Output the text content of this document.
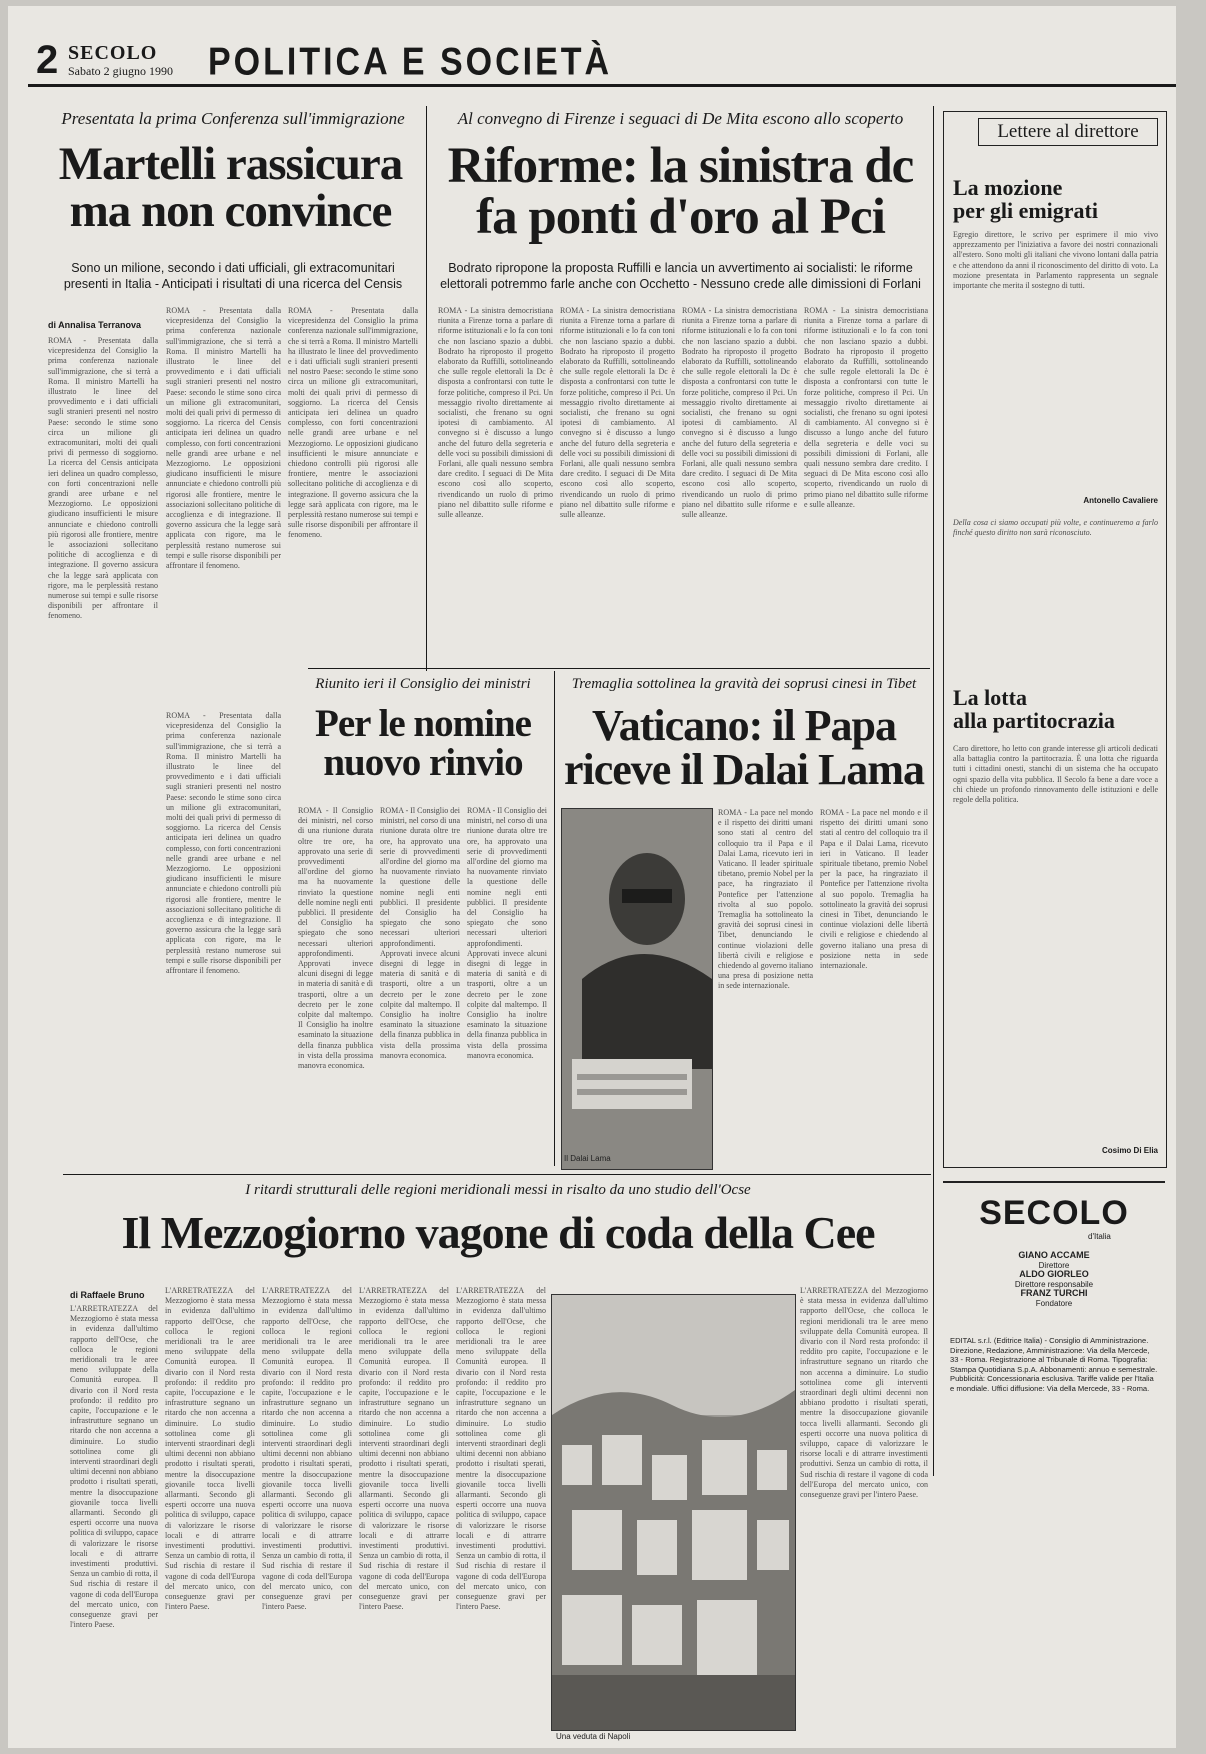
2 SECOLO
Sabato 2 giugno 1990 POLITICA E SOCIETÀ
Presentata la prima Conferenza sull'immigrazione
Martelli rassicura
ma non convince
Sono un milione, secondo i dati ufficiali, gli extracomunitari presenti in Italia - Anticipati i risultati di una ricerca del Censis
di Annalisa Terranova
ROMA - Presentata dalla vicepresidenza del Consiglio la prima conferenza nazionale sull'immigrazione, che si terrà a Roma. Il ministro Martelli ha illustrato le linee del provvedimento e i dati ufficiali sugli stranieri presenti nel nostro Paese: secondo le stime sono circa un milione gli extracomunitari, molti dei quali privi di permesso di soggiorno. La ricerca del Censis anticipata ieri delinea un quadro complesso, con forti concentrazioni nelle grandi aree urbane e nel Mezzogiorno. Le opposizioni giudicano insufficienti le misure annunciate e chiedono controlli più rigorosi alle frontiere, mentre le associazioni sollecitano politiche di accoglienza e di integrazione. Il governo assicura che la legge sarà applicata con rigore, ma le perplessità restano numerose sui tempi e sulle risorse disponibili per affrontare il fenomeno.
ROMA - Presentata dalla vicepresidenza del Consiglio la prima conferenza nazionale sull'immigrazione, che si terrà a Roma. Il ministro Martelli ha illustrato le linee del provvedimento e i dati ufficiali sugli stranieri presenti nel nostro Paese: secondo le stime sono circa un milione gli extracomunitari, molti dei quali privi di permesso di soggiorno. La ricerca del Censis anticipata ieri delinea un quadro complesso, con forti concentrazioni nelle grandi aree urbane e nel Mezzogiorno. Le opposizioni giudicano insufficienti le misure annunciate e chiedono controlli più rigorosi alle frontiere, mentre le associazioni sollecitano politiche di accoglienza e di integrazione. Il governo assicura che la legge sarà applicata con rigore, ma le perplessità restano numerose sui tempi e sulle risorse disponibili per affrontare il fenomeno.
ROMA - Presentata dalla vicepresidenza del Consiglio la prima conferenza nazionale sull'immigrazione, che si terrà a Roma. Il ministro Martelli ha illustrato le linee del provvedimento e i dati ufficiali sugli stranieri presenti nel nostro Paese: secondo le stime sono circa un milione gli extracomunitari, molti dei quali privi di permesso di soggiorno. La ricerca del Censis anticipata ieri delinea un quadro complesso, con forti concentrazioni nelle grandi aree urbane e nel Mezzogiorno. Le opposizioni giudicano insufficienti le misure annunciate e chiedono controlli più rigorosi alle frontiere, mentre le associazioni sollecitano politiche di accoglienza e di integrazione. Il governo assicura che la legge sarà applicata con rigore, ma le perplessità restano numerose sui tempi e sulle risorse disponibili per affrontare il fenomeno.
ROMA - Presentata dalla vicepresidenza del Consiglio la prima conferenza nazionale sull'immigrazione, che si terrà a Roma. Il ministro Martelli ha illustrato le linee del provvedimento e i dati ufficiali sugli stranieri presenti nel nostro Paese: secondo le stime sono circa un milione gli extracomunitari, molti dei quali privi di permesso di soggiorno. La ricerca del Censis anticipata ieri delinea un quadro complesso, con forti concentrazioni nelle grandi aree urbane e nel Mezzogiorno. Le opposizioni giudicano insufficienti le misure annunciate e chiedono controlli più rigorosi alle frontiere, mentre le associazioni sollecitano politiche di accoglienza e di integrazione. Il governo assicura che la legge sarà applicata con rigore, ma le perplessità restano numerose sui tempi e sulle risorse disponibili per affrontare il fenomeno.
Al convegno di Firenze i seguaci di De Mita escono allo scoperto
Riforme: la sinistra dc
fa ponti d'oro al Pci
Bodrato ripropone la proposta Ruffilli e lancia un avvertimento ai socialisti: le riforme elettorali potremmo farle anche con Occhetto - Nessuno crede alle dimissioni di Forlani
ROMA - La sinistra democristiana riunita a Firenze torna a parlare di riforme istituzionali e lo fa con toni che non lasciano spazio a dubbi. Bodrato ha riproposto il progetto elaborato da Ruffilli, sottolineando che sulle regole elettorali la Dc è disposta a confrontarsi con tutte le forze politiche, compreso il Pci. Un messaggio rivolto direttamente ai socialisti, che frenano su ogni ipotesi di cambiamento. Al convegno si è discusso a lungo anche del futuro della segreteria e delle voci su possibili dimissioni di Forlani, alle quali nessuno sembra dare credito. I seguaci di De Mita escono così allo scoperto, rivendicando un ruolo di primo piano nel dibattito sulle riforme e sulle alleanze.
ROMA - La sinistra democristiana riunita a Firenze torna a parlare di riforme istituzionali e lo fa con toni che non lasciano spazio a dubbi. Bodrato ha riproposto il progetto elaborato da Ruffilli, sottolineando che sulle regole elettorali la Dc è disposta a confrontarsi con tutte le forze politiche, compreso il Pci. Un messaggio rivolto direttamente ai socialisti, che frenano su ogni ipotesi di cambiamento. Al convegno si è discusso a lungo anche del futuro della segreteria e delle voci su possibili dimissioni di Forlani, alle quali nessuno sembra dare credito. I seguaci di De Mita escono così allo scoperto, rivendicando un ruolo di primo piano nel dibattito sulle riforme e sulle alleanze.
ROMA - La sinistra democristiana riunita a Firenze torna a parlare di riforme istituzionali e lo fa con toni che non lasciano spazio a dubbi. Bodrato ha riproposto il progetto elaborato da Ruffilli, sottolineando che sulle regole elettorali la Dc è disposta a confrontarsi con tutte le forze politiche, compreso il Pci. Un messaggio rivolto direttamente ai socialisti, che frenano su ogni ipotesi di cambiamento. Al convegno si è discusso a lungo anche del futuro della segreteria e delle voci su possibili dimissioni di Forlani, alle quali nessuno sembra dare credito. I seguaci di De Mita escono così allo scoperto, rivendicando un ruolo di primo piano nel dibattito sulle riforme e sulle alleanze.
ROMA - La sinistra democristiana riunita a Firenze torna a parlare di riforme istituzionali e lo fa con toni che non lasciano spazio a dubbi. Bodrato ha riproposto il progetto elaborato da Ruffilli, sottolineando che sulle regole elettorali la Dc è disposta a confrontarsi con tutte le forze politiche, compreso il Pci. Un messaggio rivolto direttamente ai socialisti, che frenano su ogni ipotesi di cambiamento. Al convegno si è discusso a lungo anche del futuro della segreteria e delle voci su possibili dimissioni di Forlani, alle quali nessuno sembra dare credito. I seguaci di De Mita escono così allo scoperto, rivendicando un ruolo di primo piano nel dibattito sulle riforme e sulle alleanze.
Riunito ieri il Consiglio dei ministri
Per le nomine
nuovo rinvio
ROMA - Il Consiglio dei ministri, nel corso di una riunione durata oltre tre ore, ha approvato una serie di provvedimenti all'ordine del giorno ma ha nuovamente rinviato la questione delle nomine negli enti pubblici. Il presidente del Consiglio ha spiegato che sono necessari ulteriori approfondimenti. Approvati invece alcuni disegni di legge in materia di sanità e di trasporti, oltre a un decreto per le zone colpite dal maltempo. Il Consiglio ha inoltre esaminato la situazione della finanza pubblica in vista della prossima manovra economica.
ROMA - Il Consiglio dei ministri, nel corso di una riunione durata oltre tre ore, ha approvato una serie di provvedimenti all'ordine del giorno ma ha nuovamente rinviato la questione delle nomine negli enti pubblici. Il presidente del Consiglio ha spiegato che sono necessari ulteriori approfondimenti. Approvati invece alcuni disegni di legge in materia di sanità e di trasporti, oltre a un decreto per le zone colpite dal maltempo. Il Consiglio ha inoltre esaminato la situazione della finanza pubblica in vista della prossima manovra economica.
ROMA - Il Consiglio dei ministri, nel corso di una riunione durata oltre tre ore, ha approvato una serie di provvedimenti all'ordine del giorno ma ha nuovamente rinviato la questione delle nomine negli enti pubblici. Il presidente del Consiglio ha spiegato che sono necessari ulteriori approfondimenti. Approvati invece alcuni disegni di legge in materia di sanità e di trasporti, oltre a un decreto per le zone colpite dal maltempo. Il Consiglio ha inoltre esaminato la situazione della finanza pubblica in vista della prossima manovra economica.
Tremaglia sottolinea la gravità dei soprusi cinesi in Tibet
Vaticano: il Papa
riceve il Dalai Lama
Il Dalai Lama
ROMA - La pace nel mondo e il rispetto dei diritti umani sono stati al centro del colloquio tra il Papa e il Dalai Lama, ricevuto ieri in Vaticano. Il leader spirituale tibetano, premio Nobel per la pace, ha ringraziato il Pontefice per l'attenzione rivolta al suo popolo. Tremaglia ha sottolineato la gravità dei soprusi cinesi in Tibet, denunciando le continue violazioni delle libertà civili e religiose e chiedendo al governo italiano una presa di posizione netta in sede internazionale.
ROMA - La pace nel mondo e il rispetto dei diritti umani sono stati al centro del colloquio tra il Papa e il Dalai Lama, ricevuto ieri in Vaticano. Il leader spirituale tibetano, premio Nobel per la pace, ha ringraziato il Pontefice per l'attenzione rivolta al suo popolo. Tremaglia ha sottolineato la gravità dei soprusi cinesi in Tibet, denunciando le continue violazioni delle libertà civili e religiose e chiedendo al governo italiano una presa di posizione netta in sede internazionale.
Lettere al direttore
La mozione
per gli emigrati
Egregio direttore, le scrivo per esprimere il mio vivo apprezzamento per l'iniziativa a favore dei nostri connazionali all'estero. Sono molti gli italiani che vivono lontani dalla patria e che attendono da anni il riconoscimento del diritto di voto. La mozione presentata in Parlamento rappresenta un segnale importante che merita il sostegno di tutti.
Antonello Cavaliere
Della cosa ci siamo occupati più volte, e continueremo a farlo finché questo diritto non sarà riconosciuto.
La lotta
alla partitocrazia
Caro direttore, ho letto con grande interesse gli articoli dedicati alla battaglia contro la partitocrazia. È una lotta che riguarda tutti i cittadini onesti, stanchi di un sistema che ha occupato ogni spazio della vita pubblica. Il Secolo fa bene a dare voce a chi chiede un profondo rinnovamento delle istituzioni e delle regole della politica.
Cosimo Di Elia
I ritardi strutturali delle regioni meridionali messi in risalto da uno studio dell'Ocse
Il Mezzogiorno vagone di coda della Cee
di Raffaele Bruno
L'ARRETRATEZZA del Mezzogiorno è stata messa in evidenza dall'ultimo rapporto dell'Ocse, che colloca le regioni meridionali tra le aree meno sviluppate della Comunità europea. Il divario con il Nord resta profondo: il reddito pro capite, l'occupazione e le infrastrutture segnano un ritardo che non accenna a diminuire. Lo studio sottolinea come gli interventi straordinari degli ultimi decenni non abbiano prodotto i risultati sperati, mentre la disoccupazione giovanile tocca livelli allarmanti. Secondo gli esperti occorre una nuova politica di sviluppo, capace di valorizzare le risorse locali e di attrarre investimenti produttivi. Senza un cambio di rotta, il Sud rischia di restare il vagone di coda dell'Europa del mercato unico, con conseguenze gravi per l'intero Paese.
L'ARRETRATEZZA del Mezzogiorno è stata messa in evidenza dall'ultimo rapporto dell'Ocse, che colloca le regioni meridionali tra le aree meno sviluppate della Comunità europea. Il divario con il Nord resta profondo: il reddito pro capite, l'occupazione e le infrastrutture segnano un ritardo che non accenna a diminuire. Lo studio sottolinea come gli interventi straordinari degli ultimi decenni non abbiano prodotto i risultati sperati, mentre la disoccupazione giovanile tocca livelli allarmanti. Secondo gli esperti occorre una nuova politica di sviluppo, capace di valorizzare le risorse locali e di attrarre investimenti produttivi. Senza un cambio di rotta, il Sud rischia di restare il vagone di coda dell'Europa del mercato unico, con conseguenze gravi per l'intero Paese.
L'ARRETRATEZZA del Mezzogiorno è stata messa in evidenza dall'ultimo rapporto dell'Ocse, che colloca le regioni meridionali tra le aree meno sviluppate della Comunità europea. Il divario con il Nord resta profondo: il reddito pro capite, l'occupazione e le infrastrutture segnano un ritardo che non accenna a diminuire. Lo studio sottolinea come gli interventi straordinari degli ultimi decenni non abbiano prodotto i risultati sperati, mentre la disoccupazione giovanile tocca livelli allarmanti. Secondo gli esperti occorre una nuova politica di sviluppo, capace di valorizzare le risorse locali e di attrarre investimenti produttivi. Senza un cambio di rotta, il Sud rischia di restare il vagone di coda dell'Europa del mercato unico, con conseguenze gravi per l'intero Paese.
L'ARRETRATEZZA del Mezzogiorno è stata messa in evidenza dall'ultimo rapporto dell'Ocse, che colloca le regioni meridionali tra le aree meno sviluppate della Comunità europea. Il divario con il Nord resta profondo: il reddito pro capite, l'occupazione e le infrastrutture segnano un ritardo che non accenna a diminuire. Lo studio sottolinea come gli interventi straordinari degli ultimi decenni non abbiano prodotto i risultati sperati, mentre la disoccupazione giovanile tocca livelli allarmanti. Secondo gli esperti occorre una nuova politica di sviluppo, capace di valorizzare le risorse locali e di attrarre investimenti produttivi. Senza un cambio di rotta, il Sud rischia di restare il vagone di coda dell'Europa del mercato unico, con conseguenze gravi per l'intero Paese.
L'ARRETRATEZZA del Mezzogiorno è stata messa in evidenza dall'ultimo rapporto dell'Ocse, che colloca le regioni meridionali tra le aree meno sviluppate della Comunità europea. Il divario con il Nord resta profondo: il reddito pro capite, l'occupazione e le infrastrutture segnano un ritardo che non accenna a diminuire. Lo studio sottolinea come gli interventi straordinari degli ultimi decenni non abbiano prodotto i risultati sperati, mentre la disoccupazione giovanile tocca livelli allarmanti. Secondo gli esperti occorre una nuova politica di sviluppo, capace di valorizzare le risorse locali e di attrarre investimenti produttivi. Senza un cambio di rotta, il Sud rischia di restare il vagone di coda dell'Europa del mercato unico, con conseguenze gravi per l'intero Paese.
Una veduta di Napoli
L'ARRETRATEZZA del Mezzogiorno è stata messa in evidenza dall'ultimo rapporto dell'Ocse, che colloca le regioni meridionali tra le aree meno sviluppate della Comunità europea. Il divario con il Nord resta profondo: il reddito pro capite, l'occupazione e le infrastrutture segnano un ritardo che non accenna a diminuire. Lo studio sottolinea come gli interventi straordinari degli ultimi decenni non abbiano prodotto i risultati sperati, mentre la disoccupazione giovanile tocca livelli allarmanti. Secondo gli esperti occorre una nuova politica di sviluppo, capace di valorizzare le risorse locali e di attrarre investimenti produttivi. Senza un cambio di rotta, il Sud rischia di restare il vagone di coda dell'Europa del mercato unico, con conseguenze gravi per l'intero Paese.
SECOLO
d'Italia
GIANO ACCAME
Direttore
ALDO GIORLEO
Direttore responsabile
FRANZ TURCHI
Fondatore
EDITAL s.r.l. (Editrice Italia) - Consiglio di Amministrazione. Direzione, Redazione, Amministrazione: Via della Mercede, 33 - Roma. Registrazione al Tribunale di Roma. Tipografia: Stampa Quotidiana S.p.A. Abbonamenti: annuo e semestrale. Pubblicità: Concessionaria esclusiva. Tariffe valide per l'Italia e mondiale. Uffici diffusione: Via della Mercede, 33 - Roma.
